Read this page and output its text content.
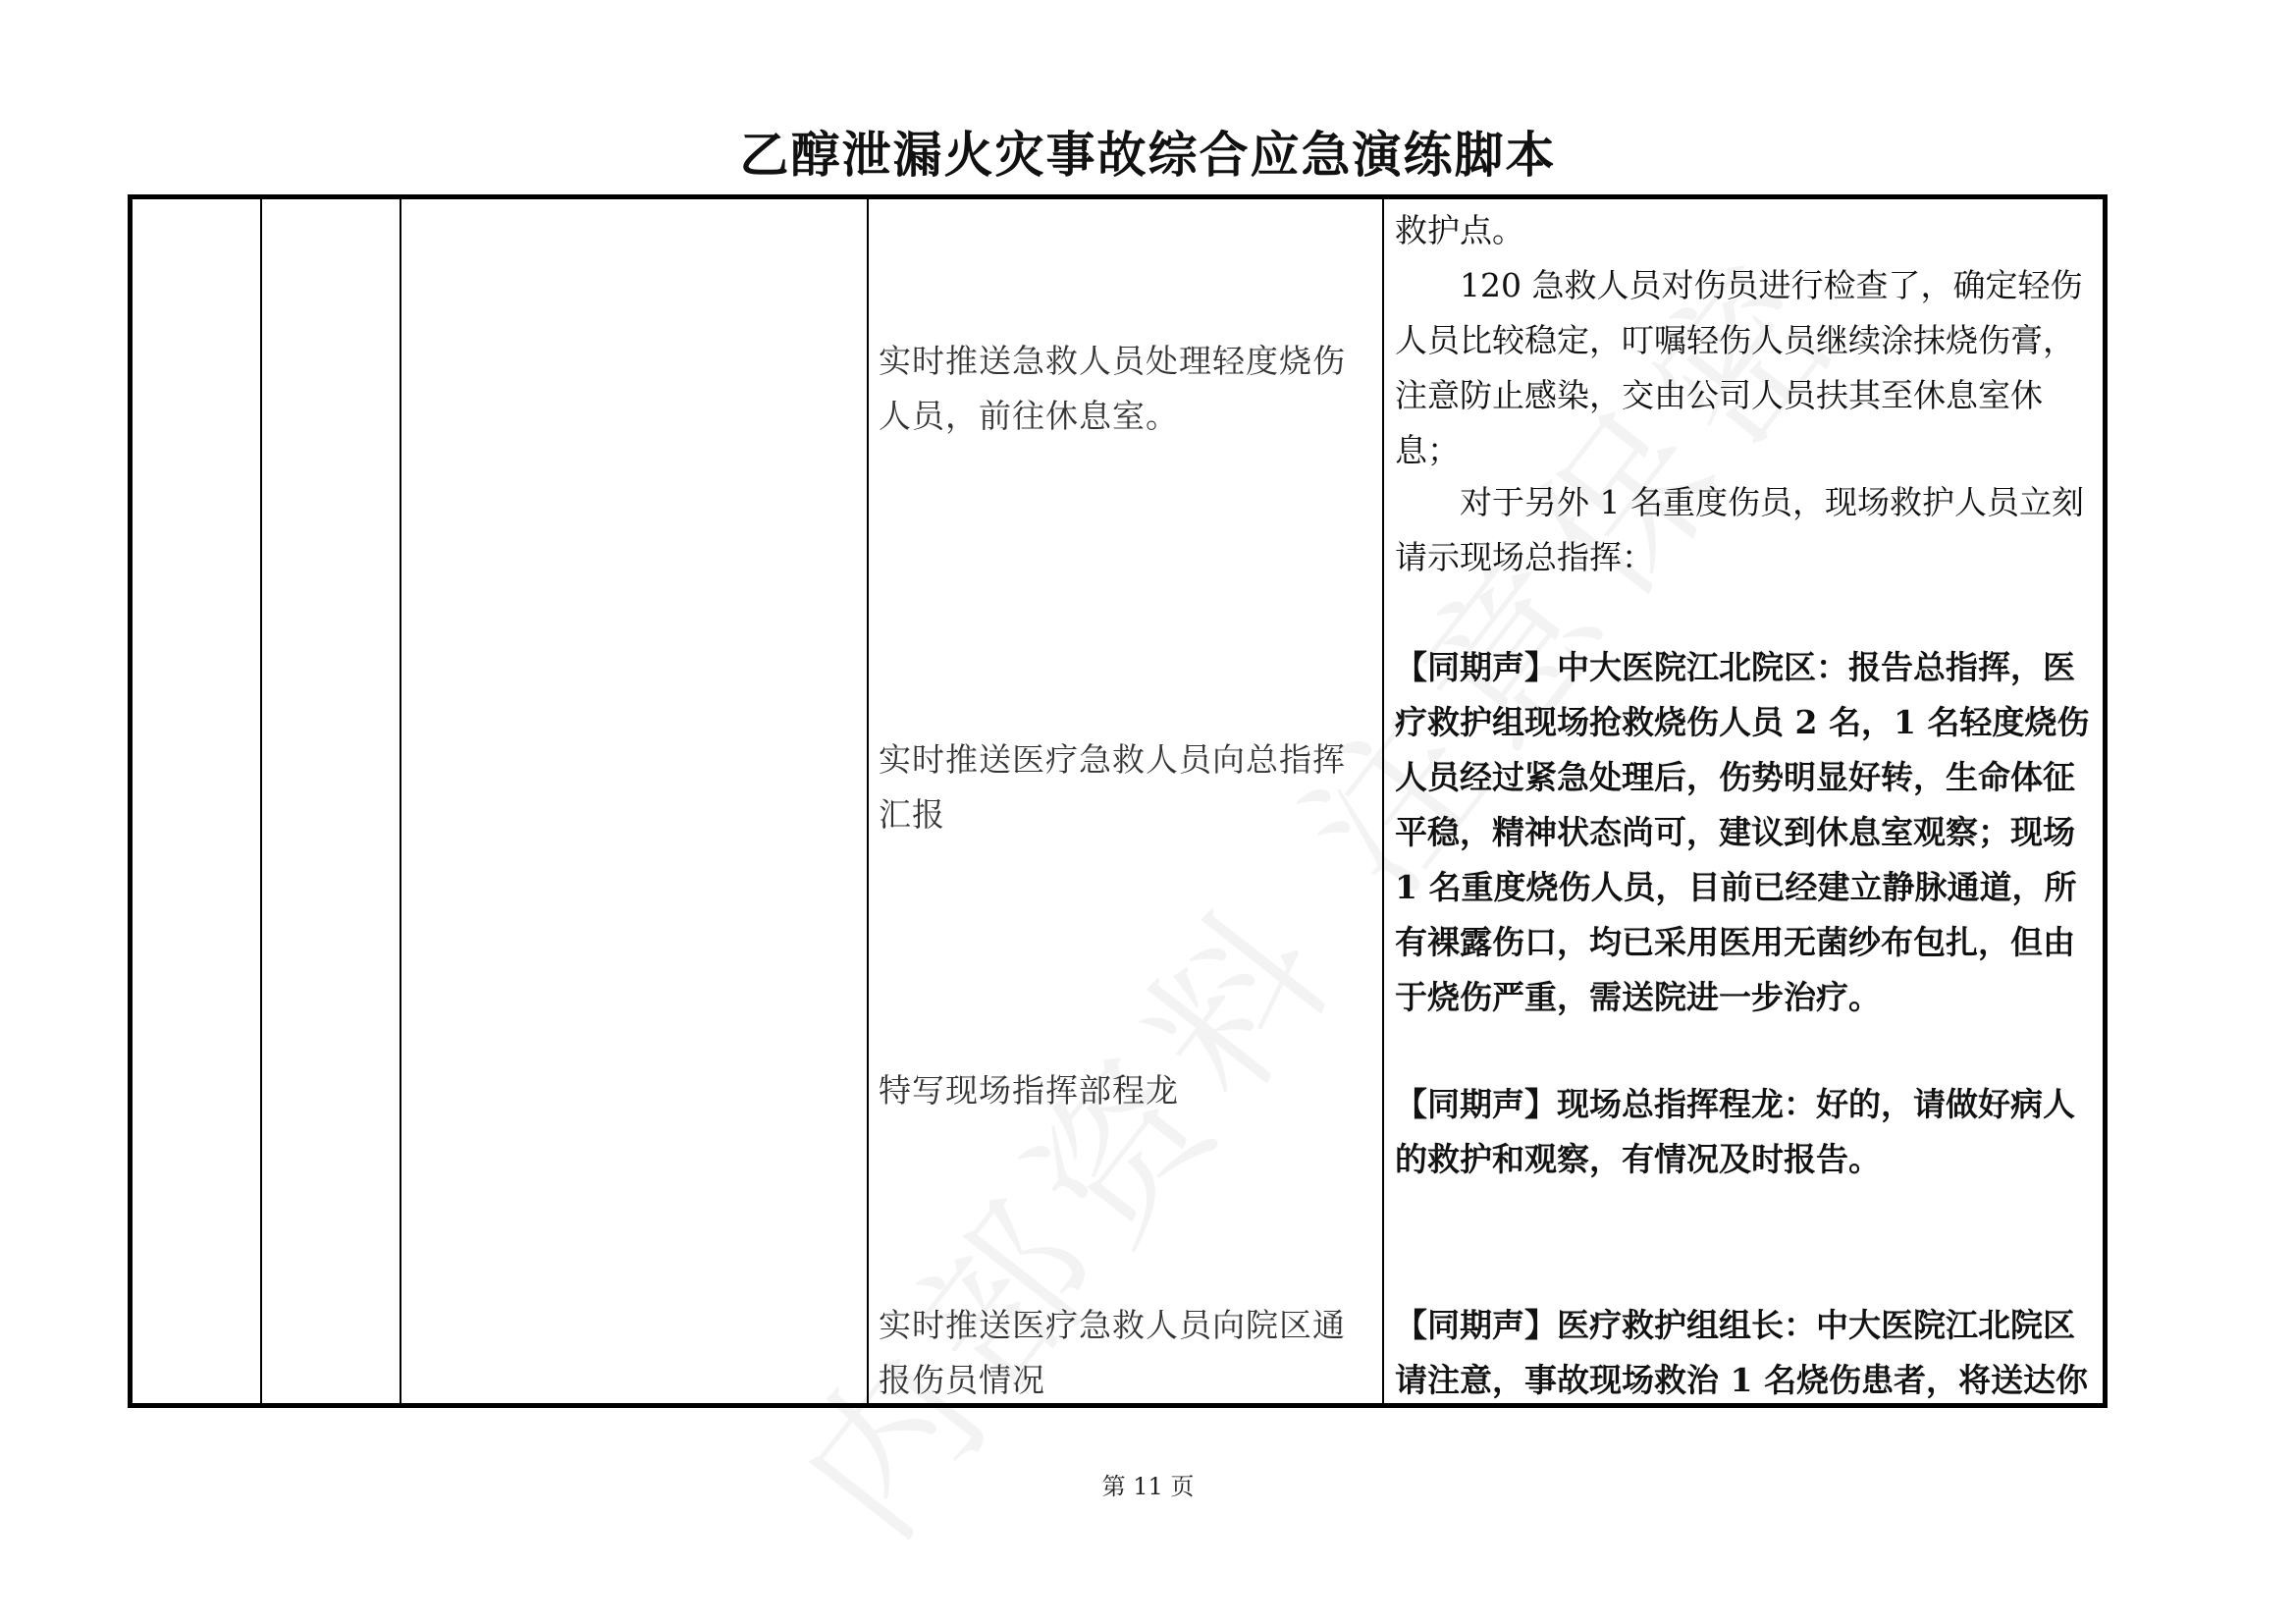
乙醇泄漏火灾事故综合应急演练脚本
实时推送急救人员处理轻度烧伤人员，前往休息室。
实时推送医疗急救人员向总指挥汇报
特写现场指挥部程龙
实时推送医疗急救人员向院区通报伤员情况

救护点。

120 急救人员对伤员进行检查了，确定轻伤人员比较稳定，叮嘱轻伤人员继续涂抹烧伤膏，注意防止感染，交由公司人员扶其至休息室休息；

对于另外 1 名重度伤员，现场救护人员立刻请示现场总指挥：

【同期声】中大医院江北院区：报告总指挥，医疗救护组现场抢救烧伤人员 2 名，1 名轻度烧伤人员经过紧急处理后，伤势明显好转，生命体征平稳，精神状态尚可，建议到休息室观察；现场 1 名重度烧伤人员，目前已经建立静脉通道，所有裸露伤口，均已采用医用无菌纱布包扎，但由于烧伤严重，需送院进一步治疗。

【同期声】现场总指挥程龙：好的，请做好病人的救护和观察，有情况及时报告。

【同期声】医疗救护组组长：中大医院江北院区请注意，事故现场救治 1 名烧伤患者，将送达你

第 11 页
